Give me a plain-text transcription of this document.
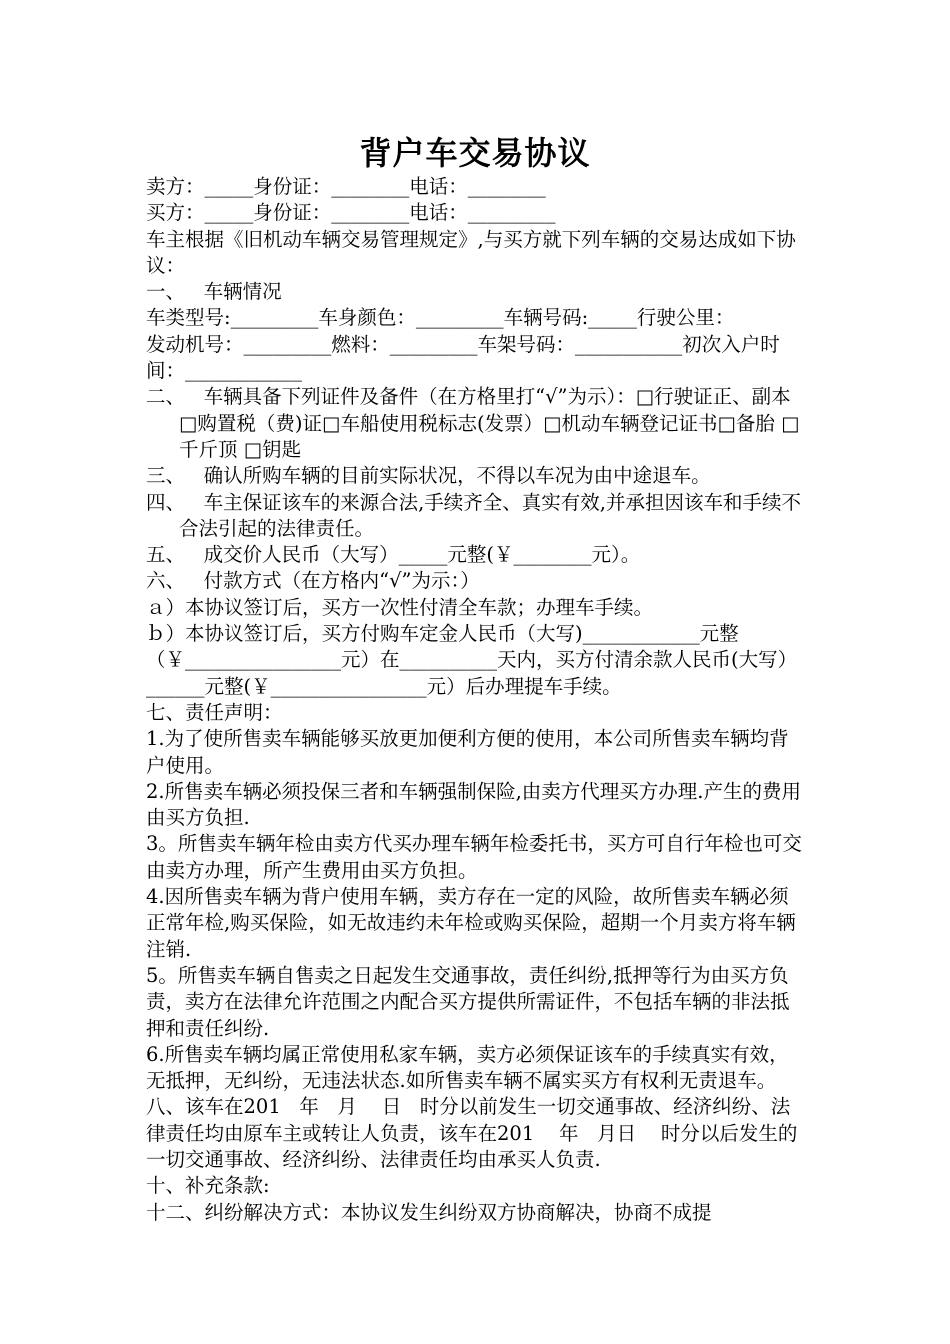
背户车交易协议

卖方：_____身份证：________电话：________

买方：_____身份证：________电话：_________

车主根据《旧机动车辆交易管理规定》,与买方就下列车辆的交易达成如下协议：

一、   车辆情况

车类型号:_________车身颜色：_________车辆号码:_____行驶公里：

发动机号：_________燃料：_________车架号码：___________初次入户时间：____________

二、   车辆具备下列证件及备件（在方格里打“√”为示）：□行驶证正、副本 □购置税（费)证□车船使用税标志(发票）□机动车辆登记证书□备胎 □千斤顶 □钥匙

三、   确认所购车辆的目前实际状况，不得以车况为由中途退车。

四、   车主保证该车的来源合法,手续齐全、真实有效,并承担因该车和手续不合法引起的法律责任。

五、   成交价人民币（大写）_____元整(￥________元）。

六、   付款方式（在方格内“√”为示：）

ａ）本协议签订后，买方一次性付清全车款；办理车手续。

ｂ）本协议签订后，买方付购车定金人民币（大写)____________元整（￥________________元）在__________天内，买方付清余款人民币(大写）______元整(￥________________元）后办理提车手续。

七、责任声明：

1.为了使所售卖车辆能够买放更加便利方便的使用，本公司所售卖车辆均背户使用。

2.所售卖车辆必须投保三者和车辆强制保险,由卖方代理买方办理.产生的费用由买方负担.

3。所售卖车辆年检由卖方代买办理车辆年检委托书，买方可自行年检也可交由卖方办理，所产生费用由买方负担。

4.因所售卖车辆为背户使用车辆，卖方存在一定的风险，故所售卖车辆必须正常年检,购买保险，如无故违约未年检或购买保险，超期一个月卖方将车辆注销.

5。所售卖车辆自售卖之日起发生交通事故，责任纠纷,抵押等行为由买方负责，卖方在法律允许范围之内配合买方提供所需证件，不包括车辆的非法抵押和责任纠纷.

6.所售卖车辆均属正常使用私家车辆，卖方必须保证该车的手续真实有效，无抵押，无纠纷，无违法状态.如所售卖车辆不属实买方有权利无责退车。

八、该车在201   年   月    日   时分以前发生一切交通事故、经济纠纷、法律责任均由原车主或转让人负责，该车在201    年   月日    时分以后发生的一切交通事故、经济纠纷、法律责任均由承买人负责.

十、补充条款:

十二、纠纷解决方式：本协议发生纠纷双方协商解决，协商不成提
